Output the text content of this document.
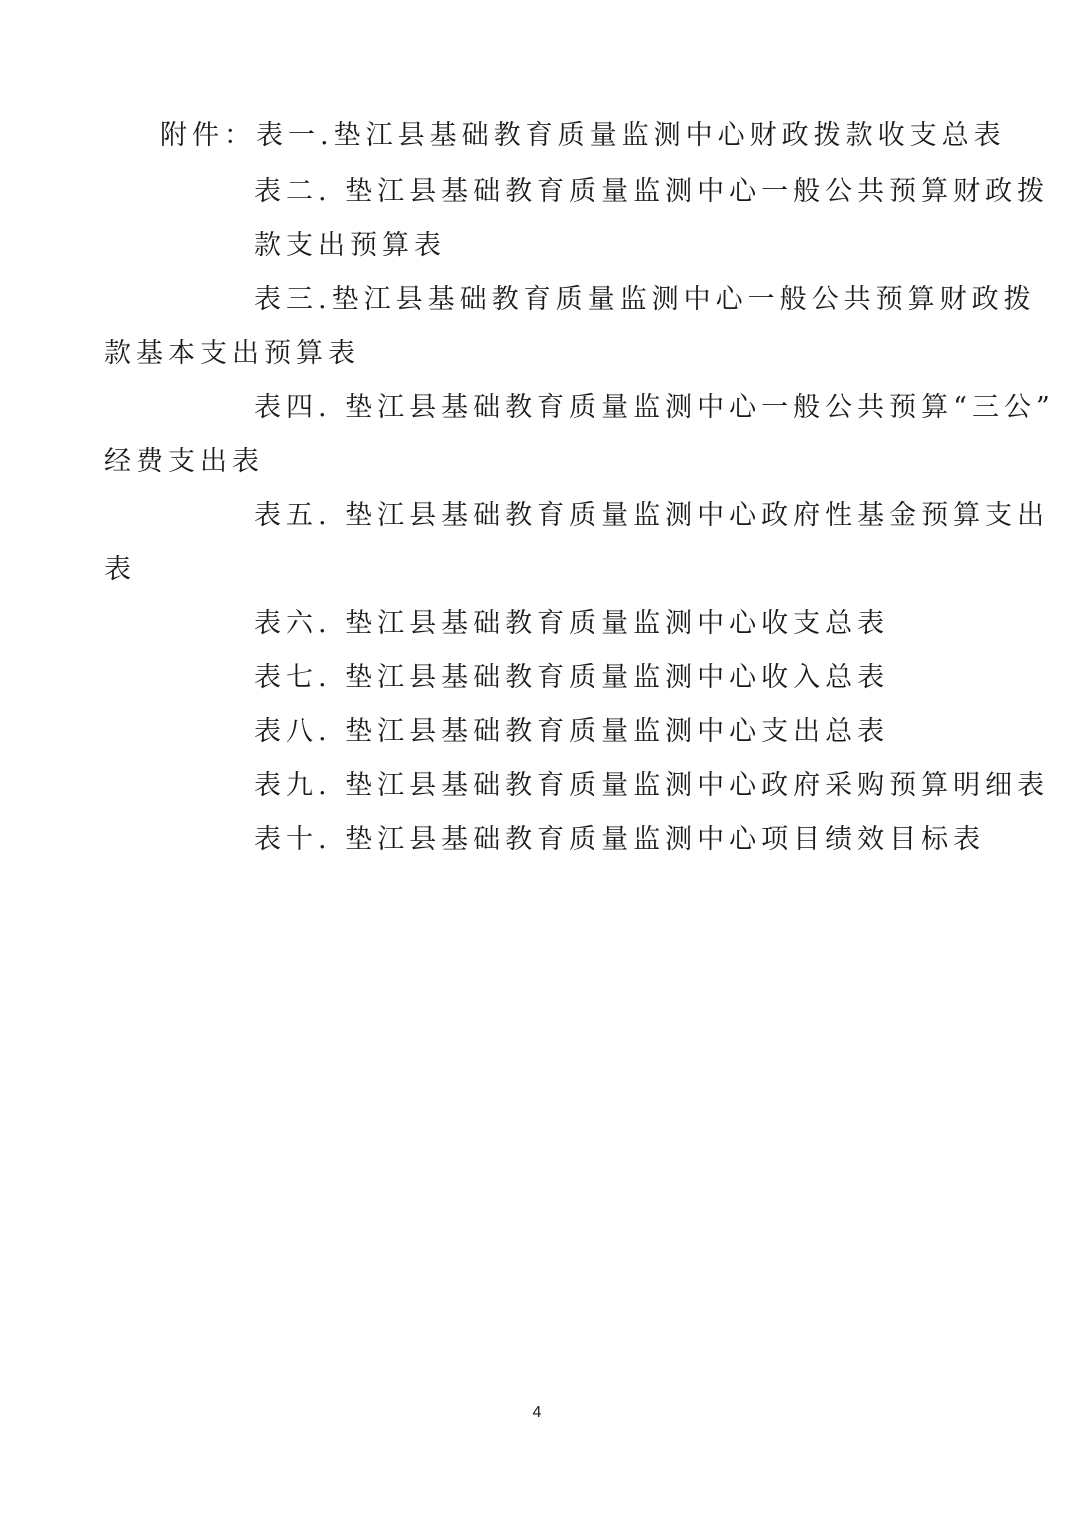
附件：表一.垫江县基础教育质量监测中心财政拨款收支总表
表二. 垫江县基础教育质量监测中心一般公共预算财政拨
款支出预算表
表三.垫江县基础教育质量监测中心一般公共预算财政拨
款基本支出预算表
表四. 垫江县基础教育质量监测中心一般公共预算“三公”
经费支出表
表五. 垫江县基础教育质量监测中心政府性基金预算支出
表
表六. 垫江县基础教育质量监测中心收支总表
表七. 垫江县基础教育质量监测中心收入总表
表八. 垫江县基础教育质量监测中心支出总表
表九. 垫江县基础教育质量监测中心政府采购预算明细表
表十. 垫江县基础教育质量监测中心项目绩效目标表
4
